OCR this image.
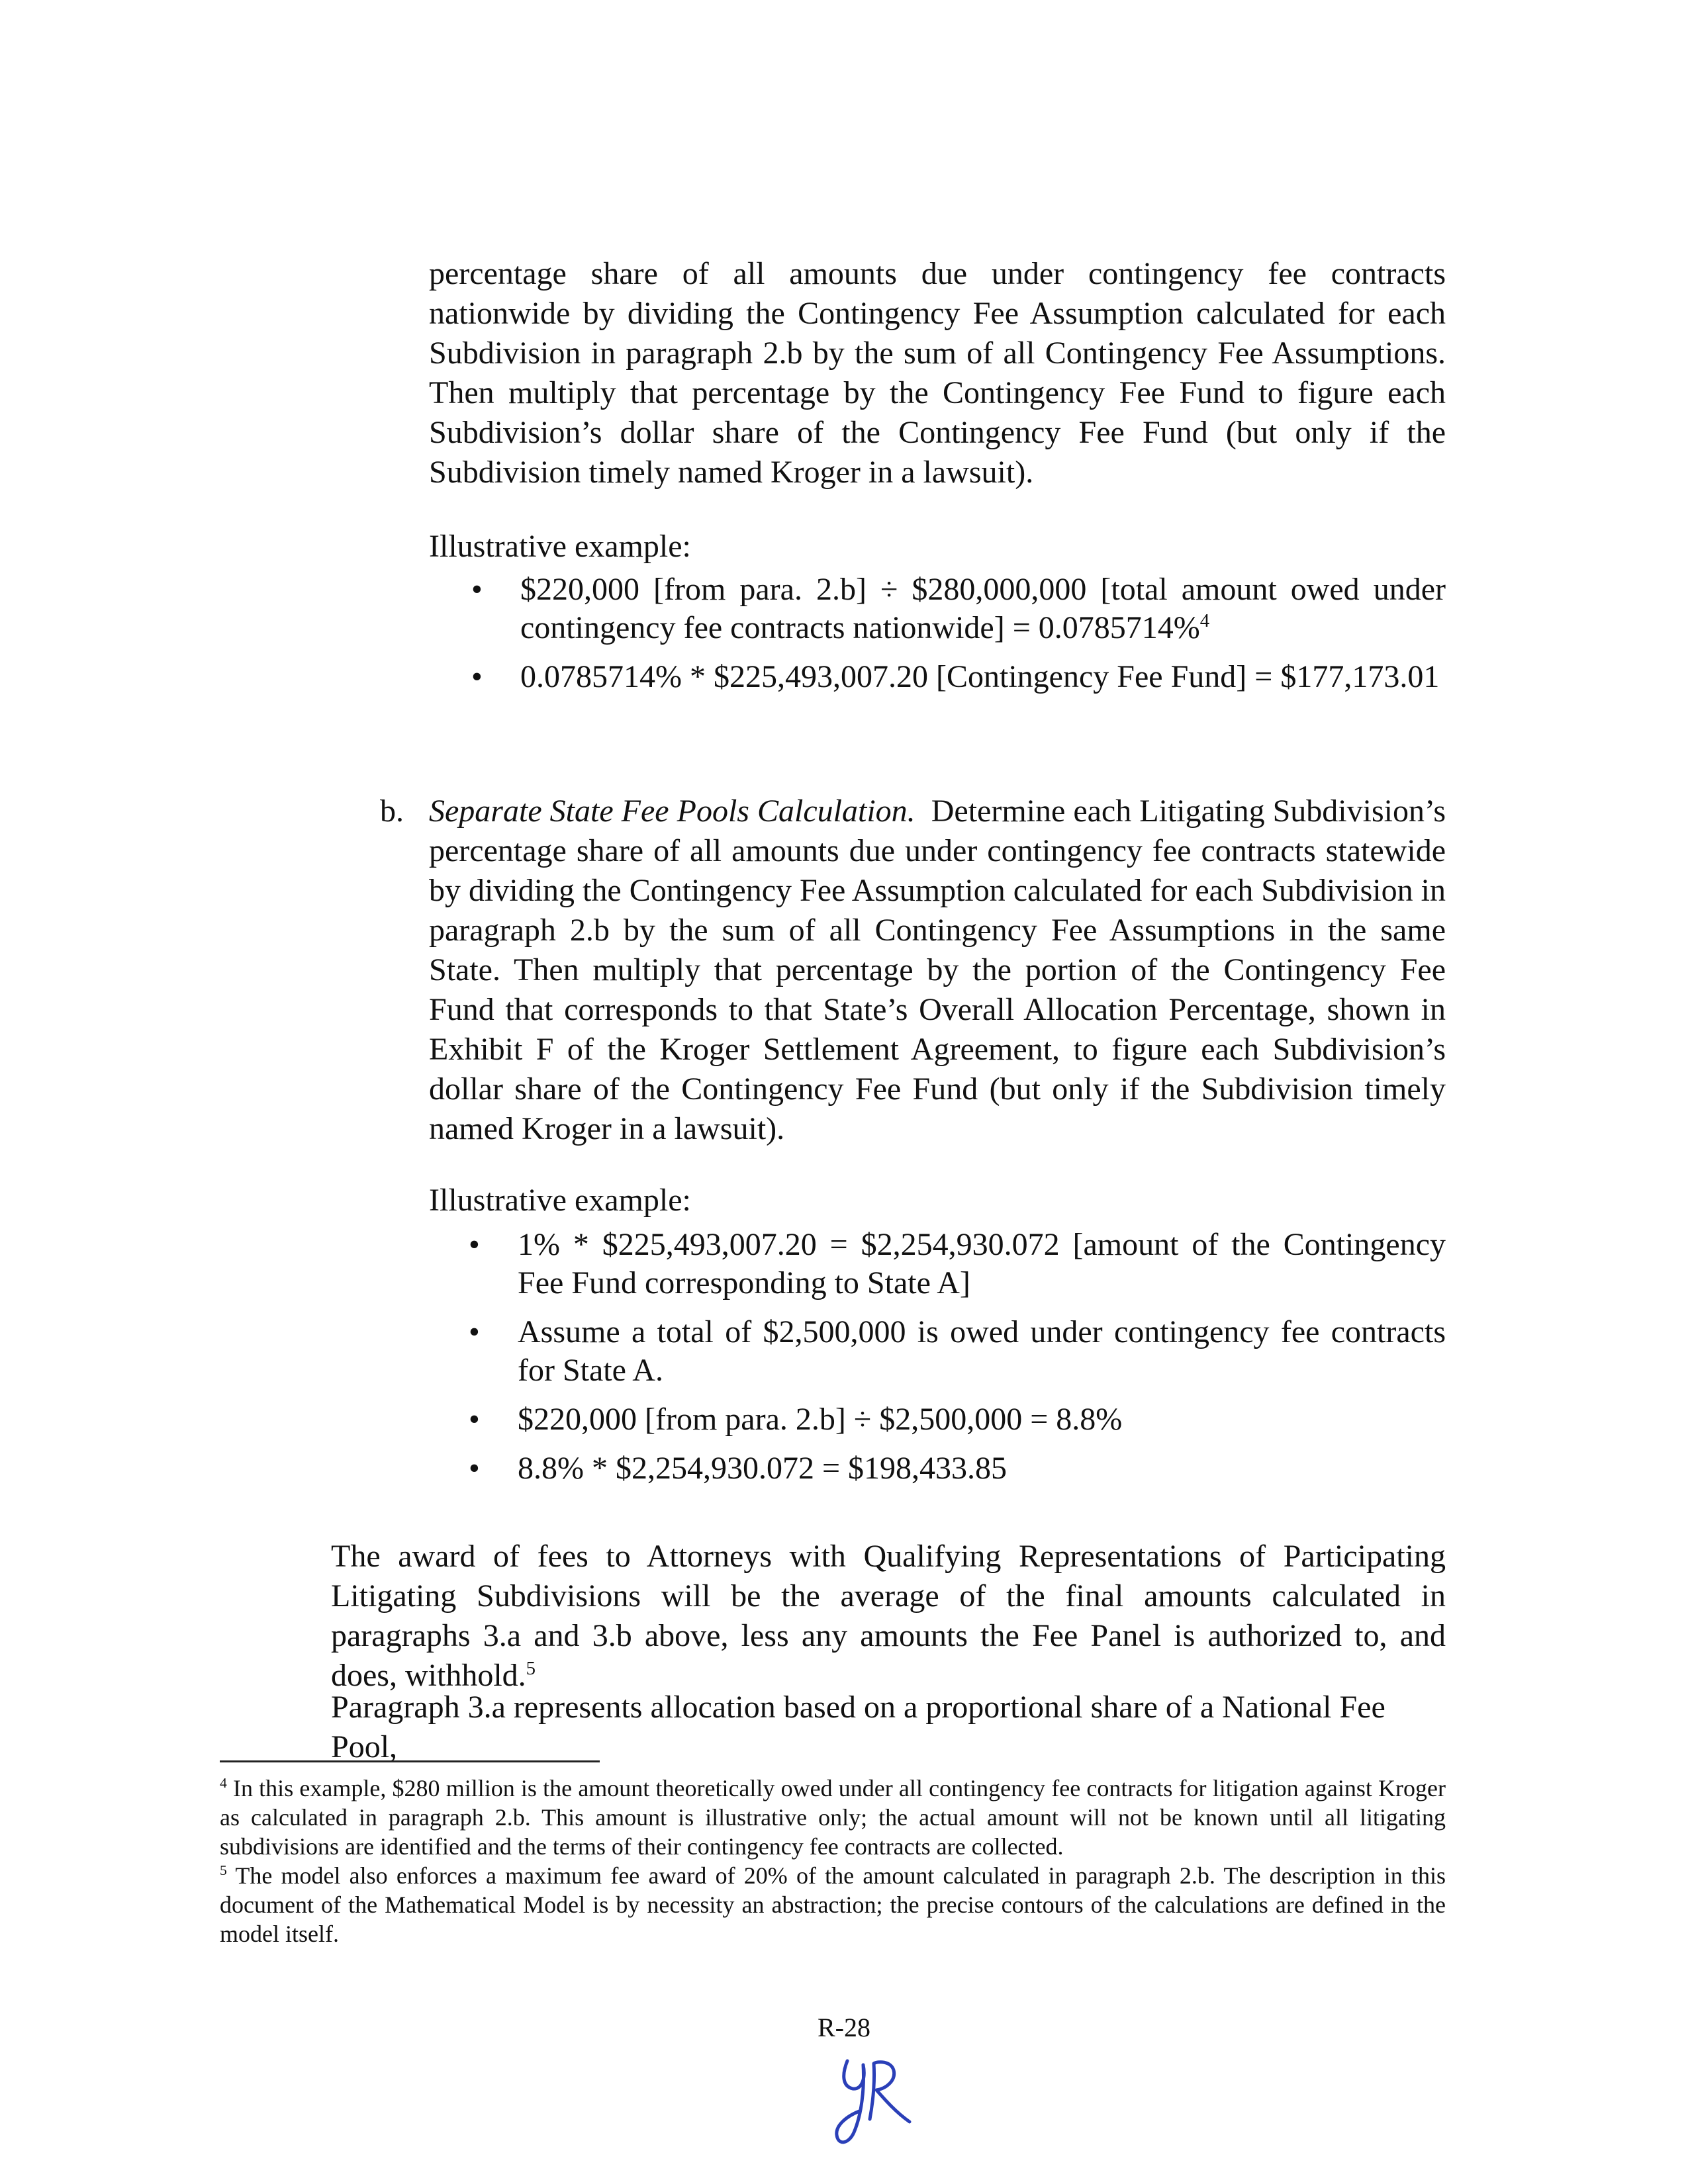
percentage share of all amounts due under contingency fee contracts nationwide by dividing the Contingency Fee Assumption calculated for each Subdivision in paragraph 2.b by the sum of all Contingency Fee Assumptions. Then multiply that percentage by the Contingency Fee Fund to figure each Subdivision’s dollar share of the Contingency Fee Fund (but only if the Subdivision timely named Kroger in a lawsuit).

Illustrative example:

• $220,000 [from para. 2.b] ÷ $280,000,000 [total amount owed under contingency fee contracts nationwide] = 0.0785714%$^4$
• 0.0785714% * $225,493,007.20 [Contingency Fee Fund] = $177,173.01
b. Separate State Fee Pools Calculation. Determine each Litigating Subdivision’s percentage share of all amounts due under contingency fee contracts statewide by dividing the Contingency Fee Assumption calculated for each Subdivision in paragraph 2.b by the sum of all Contingency Fee Assumptions in the same State. Then multiply that percentage by the portion of the Contingency Fee Fund that corresponds to that State’s Overall Allocation Percentage, shown in Exhibit F of the Kroger Settlement Agreement, to figure each Subdivision’s dollar share of the Contingency Fee Fund (but only if the Subdivision timely named Kroger in a lawsuit).

Illustrative example:

• 1% * $225,493,007.20 = $2,254,930.072 [amount of the Contingency Fee Fund corresponding to State A]
• Assume a total of $2,500,000 is owed under contingency fee contracts for State A.
• $220,000 [from para. 2.b] ÷ $2,500,000 = 8.8%
• 8.8% * $2,254,930.072 = $198,433.85

The award of fees to Attorneys with Qualifying Representations of Participating Litigating Subdivisions will be the average of the final amounts calculated in paragraphs 3.a and 3.b above, less any amounts the Fee Panel is authorized to, and does, withhold.$^5$

Paragraph 3.a represents allocation based on a proportional share of a National Fee Pool,

$^4$ In this example, $280 million is the amount theoretically owed under all contingency fee contracts for litigation against Kroger as calculated in paragraph 2.b. This amount is illustrative only; the actual amount will not be known until all litigating subdivisions are identified and the terms of their contingency fee contracts are collected.

$^5$ The model also enforces a maximum fee award of 20% of the amount calculated in paragraph 2.b. The description in this document of the Mathematical Model is by necessity an abstraction; the precise contours of the calculations are defined in the model itself.

R-28
